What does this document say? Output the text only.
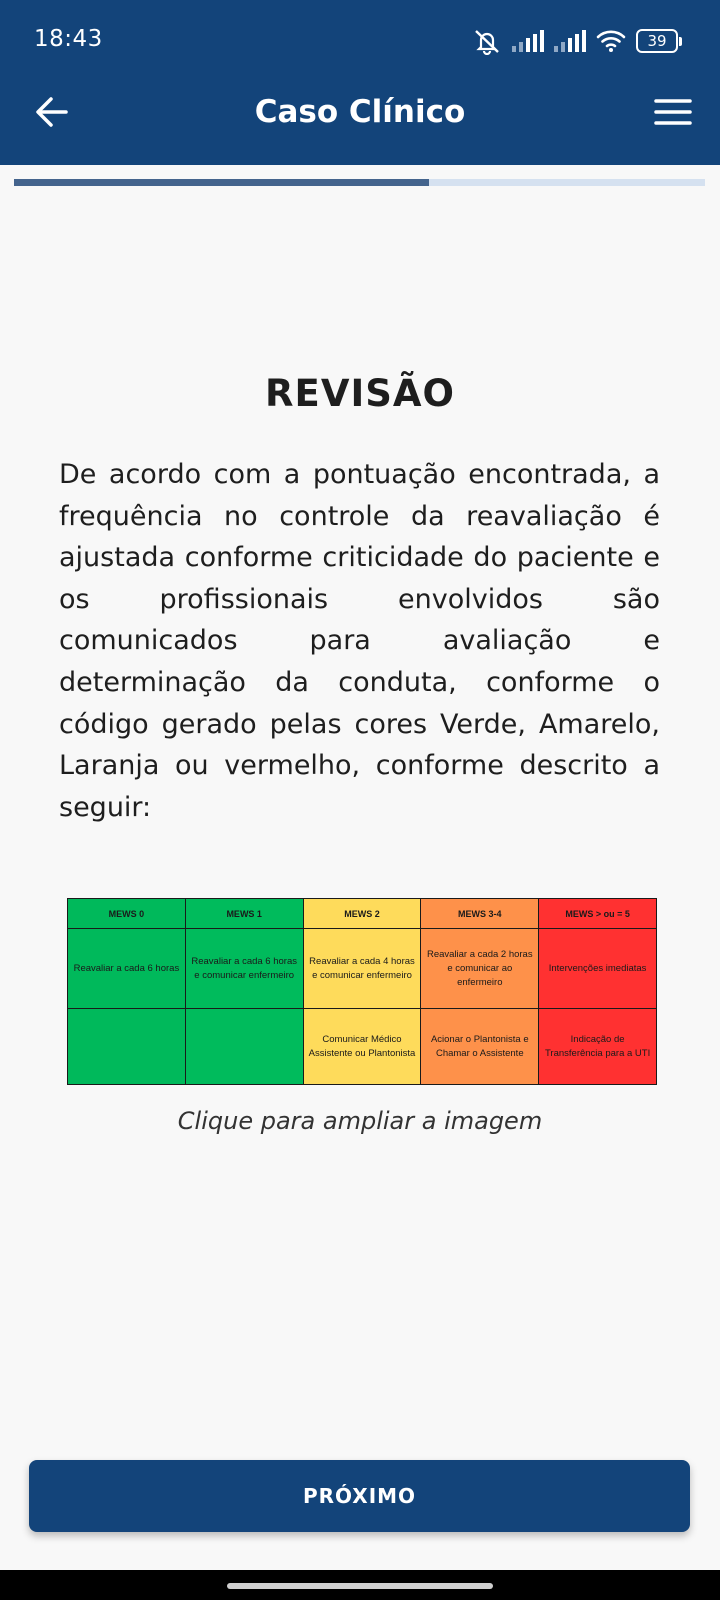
18:43	39
Caso Clínico
REVISÃO
De acordo com a pontuação encontrada, a frequência no controle da reavaliação é ajustada conforme criticidade do paciente e os profissionais envolvidos são comunicados para avaliação e determinação da conduta, conforme o código gerado pelas cores Verde, Amarelo, Laranja ou vermelho, conforme descrito a seguir:
MEWS 0	MEWS 1	MEWS 2	MEWS 3-4	MEWS > ou = 5
Reavaliar a cada 6 horas	Reavaliar a cada 6 horas e comunicar enfermeiro	Reavaliar a cada 4 horas e comunicar enfermeiro	Reavaliar a cada 2 horas e comunicar ao enfermeiro	Intervenções imediatas
		Comunicar Médico Assistente ou Plantonista	Acionar o Plantonista e Chamar o Assistente	Indicação de Transferência para a UTI
Clique para ampliar a imagem
PRÓXIMO
